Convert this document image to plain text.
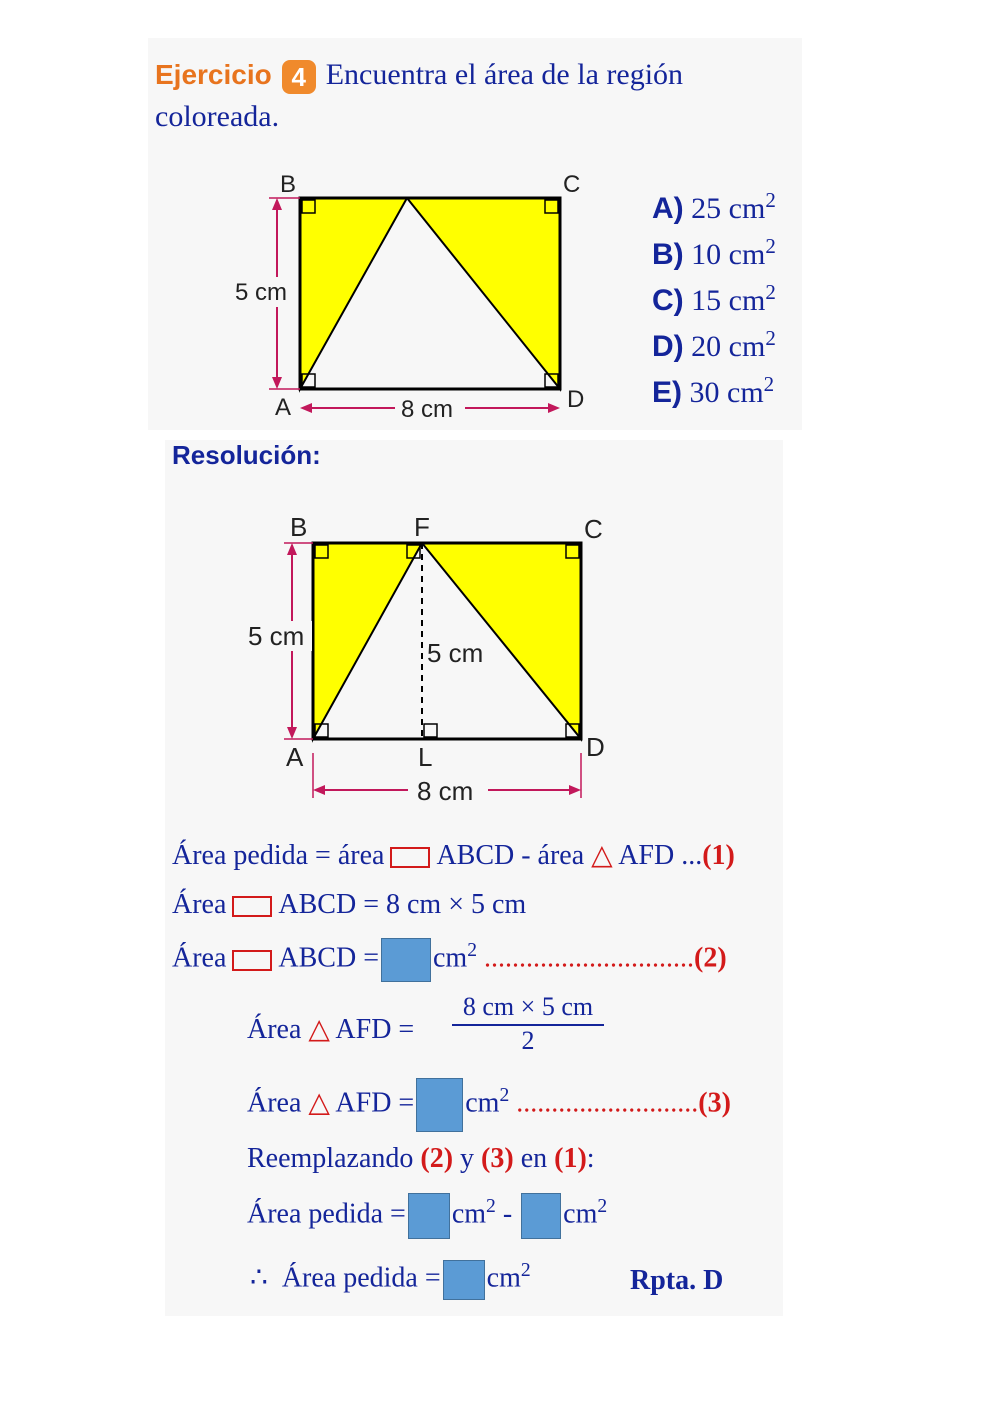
Ejercicio 4 Encuentra el área de la región
coloreada.
5 cm
8 cm
B	C
A	D
A) 25 $cm^2$
B) 10 $cm^2$
C) 15 $cm^2$
D) 20 $cm^2$
E) 30 $cm^2$
Resolución:
5 cm
5 cm
8 cm
B	F	C
A	L	D
Área pedida = área ABCD - área △ AFD ...(1)
Área ABCD = 8 cm × 5 cm
Área ABCD = $cm^2$ ..............................(2)
Área △ AFD = $\frac{8 cm \times 5 cm}{2}$
Área △ AFD = $cm^2$ ..........................(3)
Reemplazando (2) y (3) en (1):
Área pedida = $cm^2 - cm^2$
∴ Área pedida = $cm^2$	Rpta. D
